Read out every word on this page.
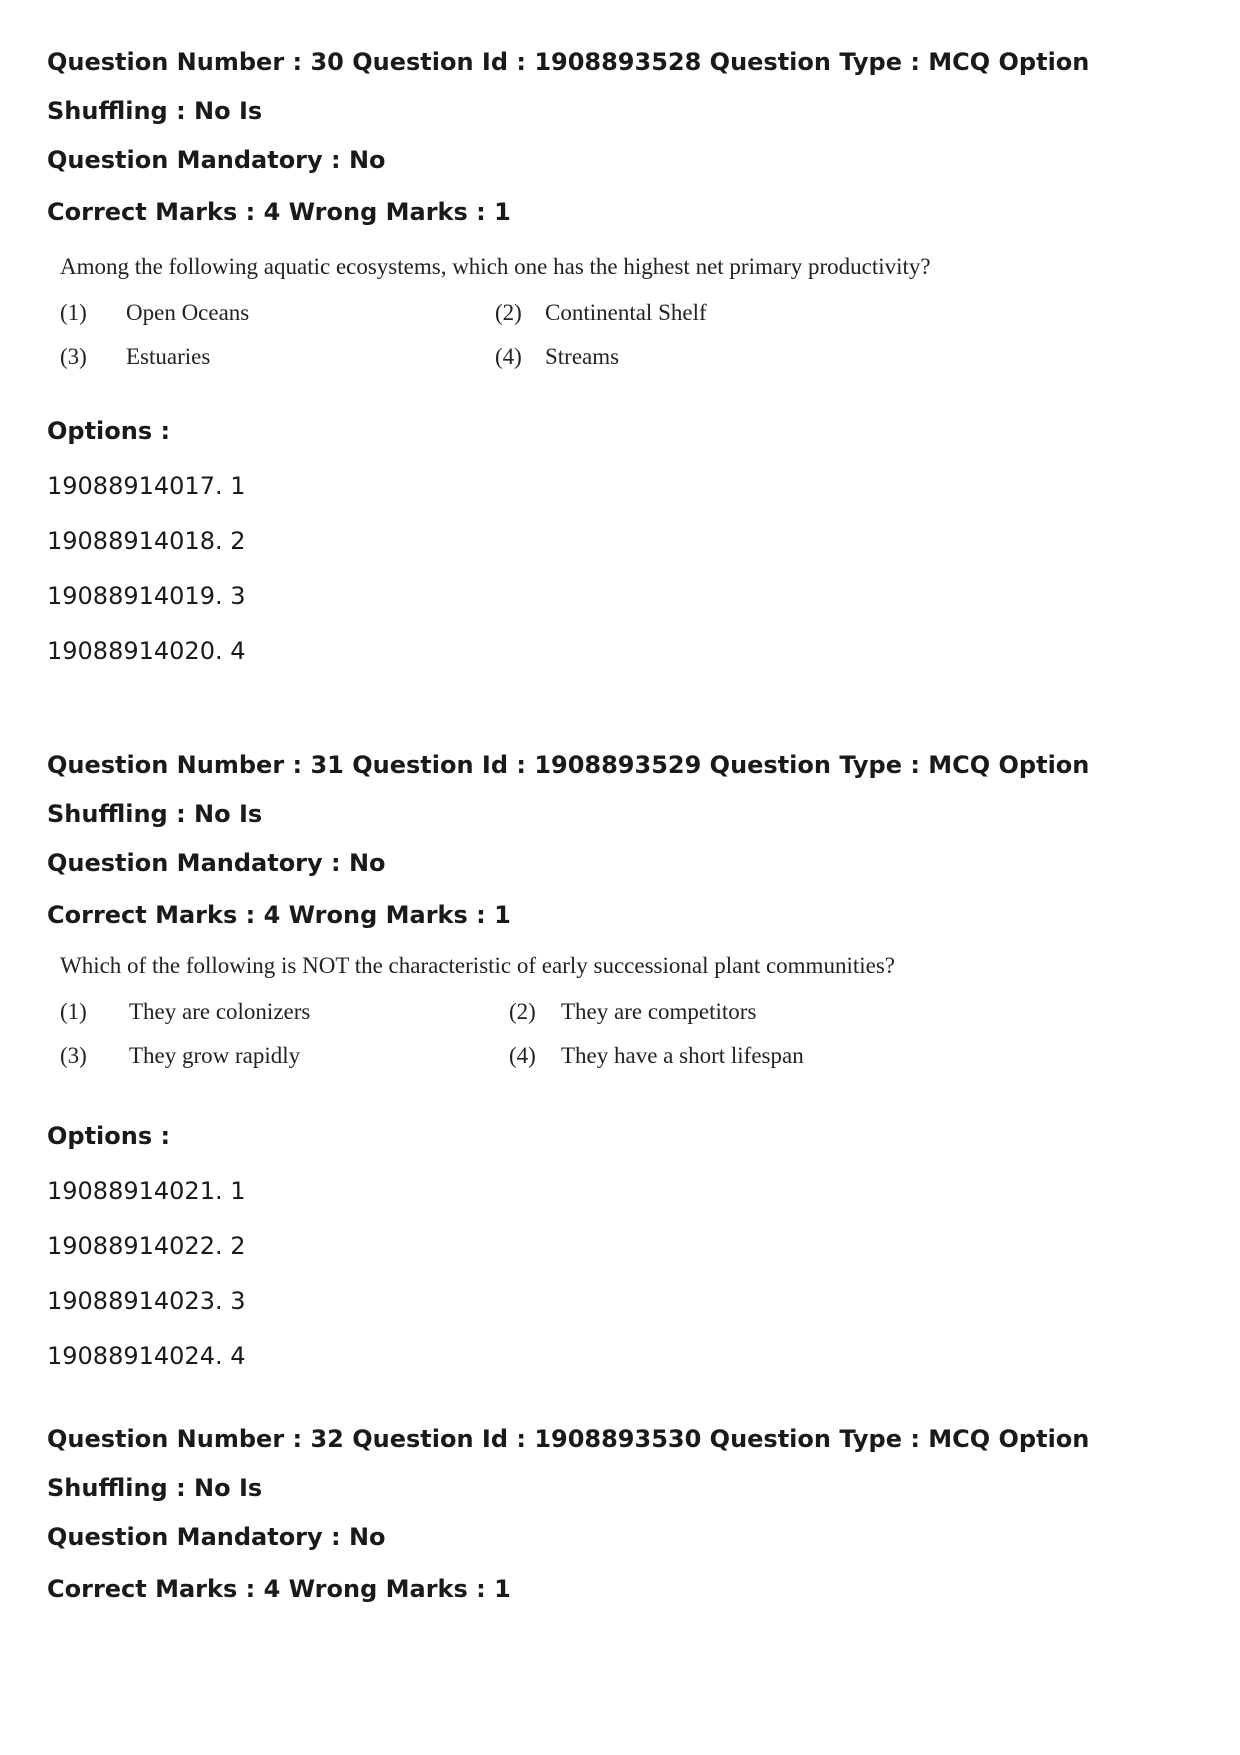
Question Number : 30 Question Id : 1908893528 Question Type : MCQ Option Shuffling : No Is

Question Mandatory : No

Correct Marks : 4 Wrong Marks : 1
Among the following aquatic ecosystems, which one has the highest net primary productivity?
(1)	Open Oceans	(2)	Continental Shelf
(3)	Estuaries	(4)	Streams
Options :
19088914017. 1
19088914018. 2
19088914019. 3
19088914020. 4

Question Number : 31 Question Id : 1908893529 Question Type : MCQ Option Shuffling : No Is

Question Mandatory : No

Correct Marks : 4 Wrong Marks : 1
Which of the following is NOT the characteristic of early successional plant communities?
(1)	They are colonizers	(2)	They are competitors
(3)	They grow rapidly	(4)	They have a short lifespan
Options :
19088914021. 1
19088914022. 2
19088914023. 3
19088914024. 4

Question Number : 32 Question Id : 1908893530 Question Type : MCQ Option Shuffling : No Is

Question Mandatory : No

Correct Marks : 4 Wrong Marks : 1
